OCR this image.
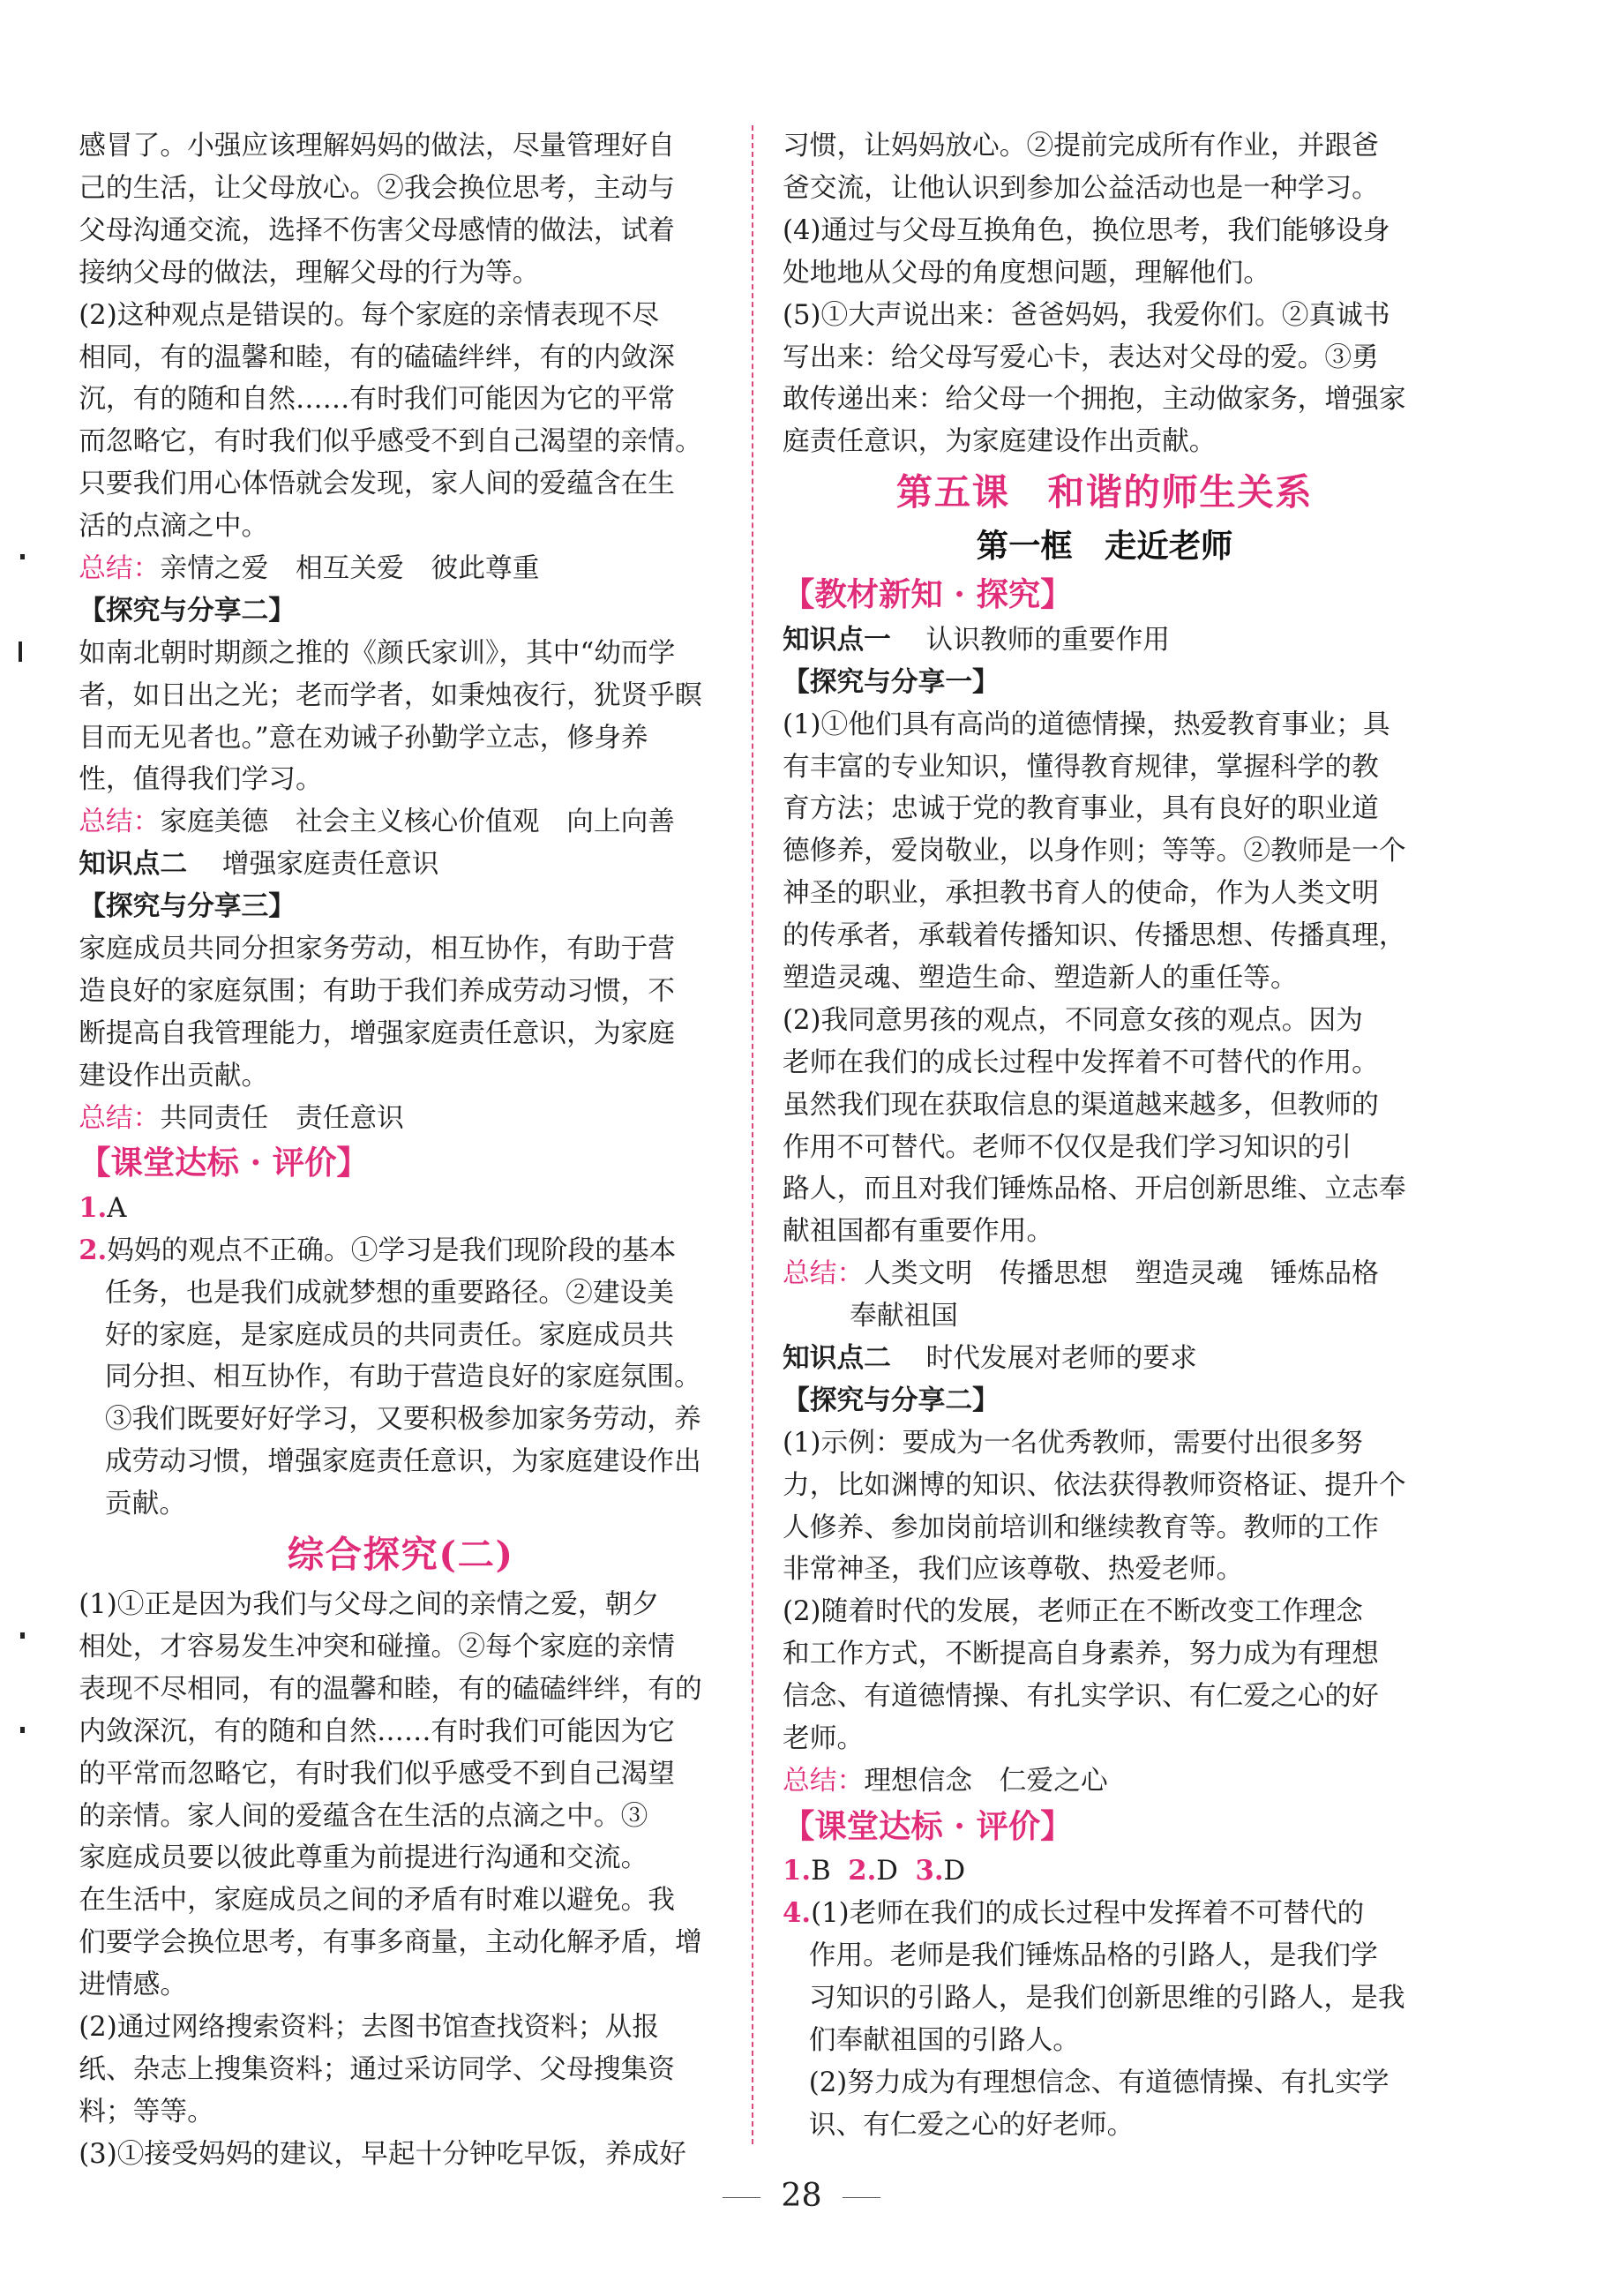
感冒了。小强应该理解妈妈的做法，尽量管理好自
己的生活，让父母放心。②我会换位思考，主动与
父母沟通交流，选择不伤害父母感情的做法，试着
接纳父母的做法，理解父母的行为等。
(2)这种观点是错误的。每个家庭的亲情表现不尽
相同，有的温馨和睦，有的磕磕绊绊，有的内敛深
沉，有的随和自然……有时我们可能因为它的平常
而忽略它，有时我们似乎感受不到自己渴望的亲情。
只要我们用心体悟就会发现，家人间的爱蕴含在生
活的点滴之中。
总结：亲情之爱　相互关爱　彼此尊重
【探究与分享二】
如南北朝时期颜之推的《颜氏家训》，其中“幼而学
者，如日出之光；老而学者，如秉烛夜行，犹贤乎瞑
目而无见者也。”意在劝诫子孙勤学立志，修身养
性，值得我们学习。
总结：家庭美德　社会主义核心价值观　向上向善
知识点二 增强家庭责任意识
【探究与分享三】
家庭成员共同分担家务劳动，相互协作，有助于营
造良好的家庭氛围；有助于我们养成劳动习惯，不
断提高自我管理能力，增强家庭责任意识，为家庭
建设作出贡献。
总结：共同责任　责任意识
【课堂达标 · 评价】
1.A
2.妈妈的观点不正确。①学习是我们现阶段的基本
任务，也是我们成就梦想的重要路径。②建设美
好的家庭，是家庭成员的共同责任。家庭成员共
同分担、相互协作，有助于营造良好的家庭氛围。
③我们既要好好学习，又要积极参加家务劳动，养
成劳动习惯，增强家庭责任意识，为家庭建设作出
贡献。
综合探究(二)
(1)①正是因为我们与父母之间的亲情之爱，朝夕
相处，才容易发生冲突和碰撞。②每个家庭的亲情
表现不尽相同，有的温馨和睦，有的磕磕绊绊，有的
内敛深沉，有的随和自然……有时我们可能因为它
的平常而忽略它，有时我们似乎感受不到自己渴望
的亲情。家人间的爱蕴含在生活的点滴之中。③
家庭成员要以彼此尊重为前提进行沟通和交流。
在生活中，家庭成员之间的矛盾有时难以避免。我
们要学会换位思考，有事多商量，主动化解矛盾，增
进情感。
(2)通过网络搜索资料；去图书馆查找资料；从报
纸、杂志上搜集资料；通过采访同学、父母搜集资
料；等等。
(3)①接受妈妈的建议，早起十分钟吃早饭，养成好
习惯，让妈妈放心。②提前完成所有作业，并跟爸
爸交流，让他认识到参加公益活动也是一种学习。
(4)通过与父母互换角色，换位思考，我们能够设身
处地地从父母的角度想问题，理解他们。
(5)①大声说出来：爸爸妈妈，我爱你们。②真诚书
写出来：给父母写爱心卡，表达对父母的爱。③勇
敢传递出来：给父母一个拥抱，主动做家务，增强家
庭责任意识，为家庭建设作出贡献。
第五课　和谐的师生关系
第一框　走近老师
【教材新知 · 探究】
知识点一 认识教师的重要作用
【探究与分享一】
(1)①他们具有高尚的道德情操，热爱教育事业；具
有丰富的专业知识，懂得教育规律，掌握科学的教
育方法；忠诚于党的教育事业，具有良好的职业道
德修养，爱岗敬业，以身作则；等等。②教师是一个
神圣的职业，承担教书育人的使命，作为人类文明
的传承者，承载着传播知识、传播思想、传播真理，
塑造灵魂、塑造生命、塑造新人的重任等。
(2)我同意男孩的观点，不同意女孩的观点。因为
老师在我们的成长过程中发挥着不可替代的作用。
虽然我们现在获取信息的渠道越来越多，但教师的
作用不可替代。老师不仅仅是我们学习知识的引
路人，而且对我们锤炼品格、开启创新思维、立志奉
献祖国都有重要作用。
总结：人类文明　传播思想　塑造灵魂　锤炼品格
奉献祖国
知识点二 时代发展对老师的要求
【探究与分享二】
(1)示例：要成为一名优秀教师，需要付出很多努
力，比如渊博的知识、依法获得教师资格证、提升个
人修养、参加岗前培训和继续教育等。教师的工作
非常神圣，我们应该尊敬、热爱老师。
(2)随着时代的发展，老师正在不断改变工作理念
和工作方式，不断提高自身素养，努力成为有理想
信念、有道德情操、有扎实学识、有仁爱之心的好
老师。
总结：理想信念　仁爱之心
【课堂达标 · 评价】
1.B 2.D 3.D
4.(1)老师在我们的成长过程中发挥着不可替代的
作用。老师是我们锤炼品格的引路人，是我们学
习知识的引路人，是我们创新思维的引路人，是我
们奉献祖国的引路人。
(2)努力成为有理想信念、有道德情操、有扎实学
识、有仁爱之心的好老师。
28
